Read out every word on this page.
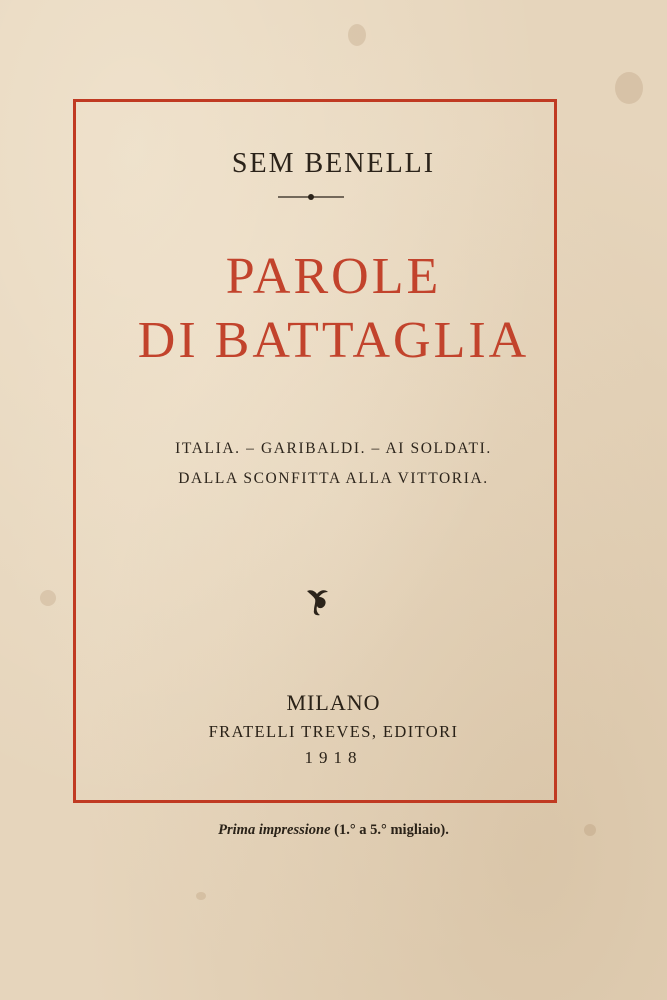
SEM BENELLI
PAROLE
DI BATTAGLIA
ITALIA. – GARIBALDI. – AI SOLDATI.
DALLA SCONFITTA ALLA VITTORIA.
MILANO
FRATELLI TREVES, EDITORI
1918
Prima impressione (1.° a 5.° migliaio).
